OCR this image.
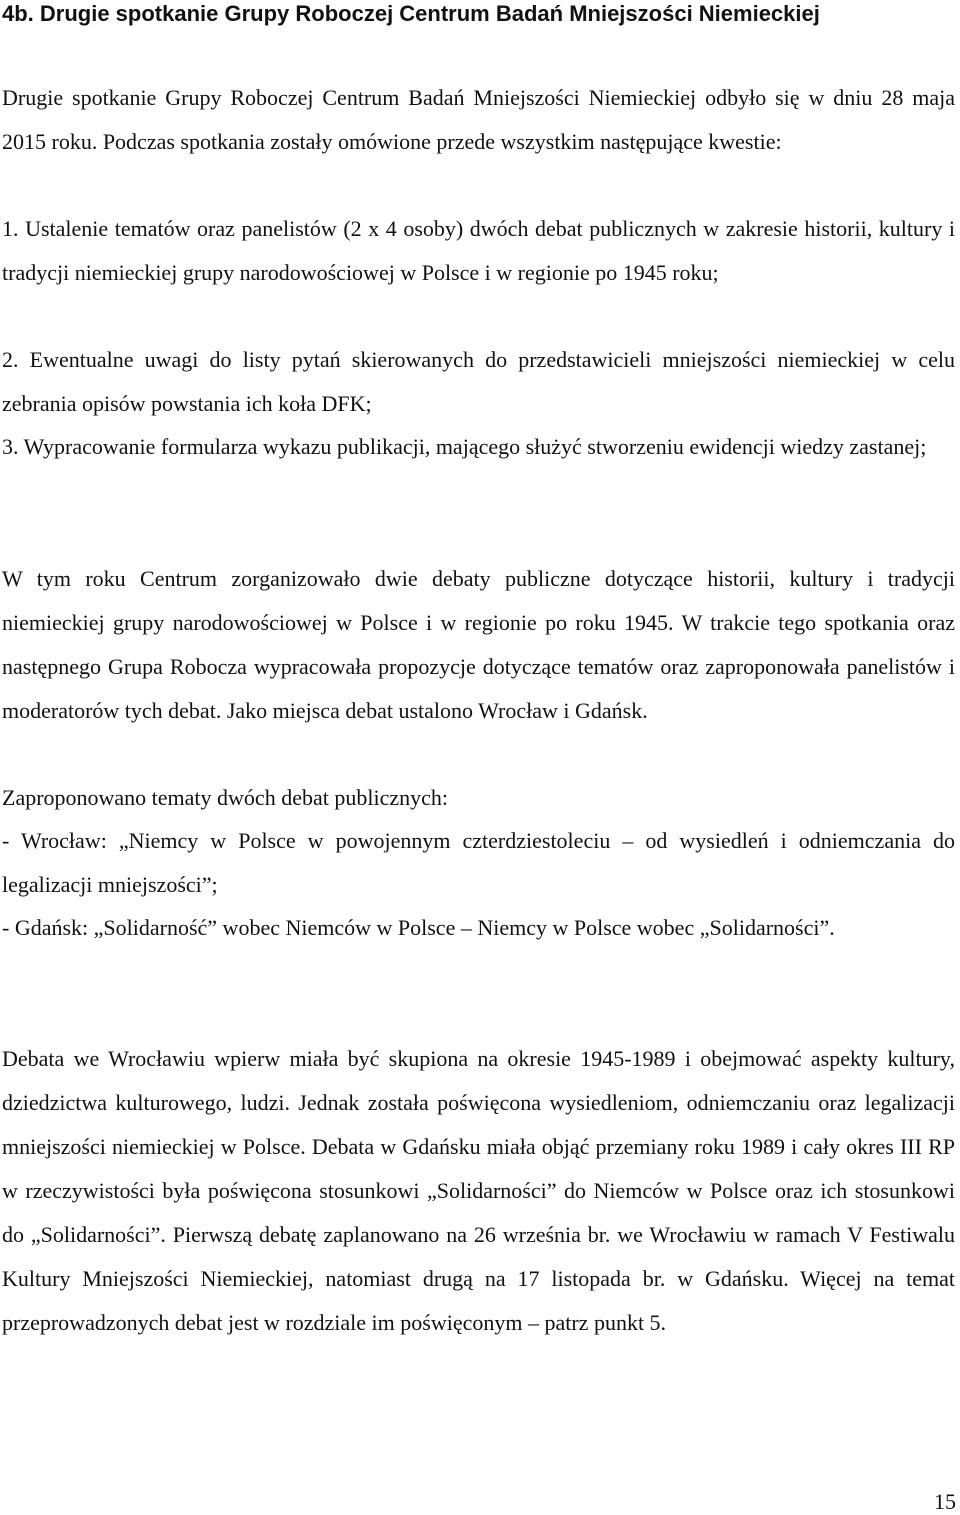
4b. Drugie spotkanie Grupy Roboczej Centrum Badań Mniejszości Niemieckiej

Drugie spotkanie Grupy Roboczej Centrum Badań Mniejszości Niemieckiej odbyło się w dniu 28 maja 2015 roku. Podczas spotkania zostały omówione przede wszystkim następujące kwestie:

1. Ustalenie tematów oraz panelistów (2 x 4 osoby) dwóch debat publicznych w zakresie historii, kultury i tradycji niemieckiej grupy narodowościowej w Polsce i w regionie po 1945 roku;

2. Ewentualne uwagi do listy pytań skierowanych do przedstawicieli mniejszości niemieckiej w celu zebrania opisów powstania ich koła DFK;

3. Wypracowanie formularza wykazu publikacji, mającego służyć stworzeniu ewidencji wiedzy zastanej;

W tym roku Centrum zorganizowało dwie debaty publiczne dotyczące historii, kultury i tradycji niemieckiej grupy narodowościowej w Polsce i w regionie po roku 1945. W trakcie tego spotkania oraz następnego Grupa Robocza wypracowała propozycje dotyczące tematów oraz zaproponowała panelistów i moderatorów tych debat. Jako miejsca debat ustalono Wrocław i Gdańsk.

Zaproponowano tematy dwóch debat publicznych:

- Wrocław: „Niemcy w Polsce w powojennym czterdziestoleciu – od wysiedleń i odniemczania do legalizacji mniejszości”;

- Gdańsk: „Solidarność” wobec Niemców w Polsce – Niemcy w Polsce wobec „Solidarności”.

Debata we Wrocławiu wpierw miała być skupiona na okresie 1945-1989 i obejmować aspekty kultury, dziedzictwa kulturowego, ludzi. Jednak została poświęcona wysiedleniom, odniemczaniu oraz legalizacji mniejszości niemieckiej w Polsce. Debata w Gdańsku miała objąć przemiany roku 1989 i cały okres III RP w rzeczywistości była poświęcona stosunkowi „Solidarności” do Niemców w Polsce oraz ich stosunkowi do „Solidarności”. Pierwszą debatę zaplanowano na 26 września br. we Wrocławiu w ramach V Festiwalu Kultury Mniejszości Niemieckiej, natomiast drugą na 17 listopada br. w Gdańsku. Więcej na temat przeprowadzonych debat jest w rozdziale im poświęconym – patrz punkt 5.

15
